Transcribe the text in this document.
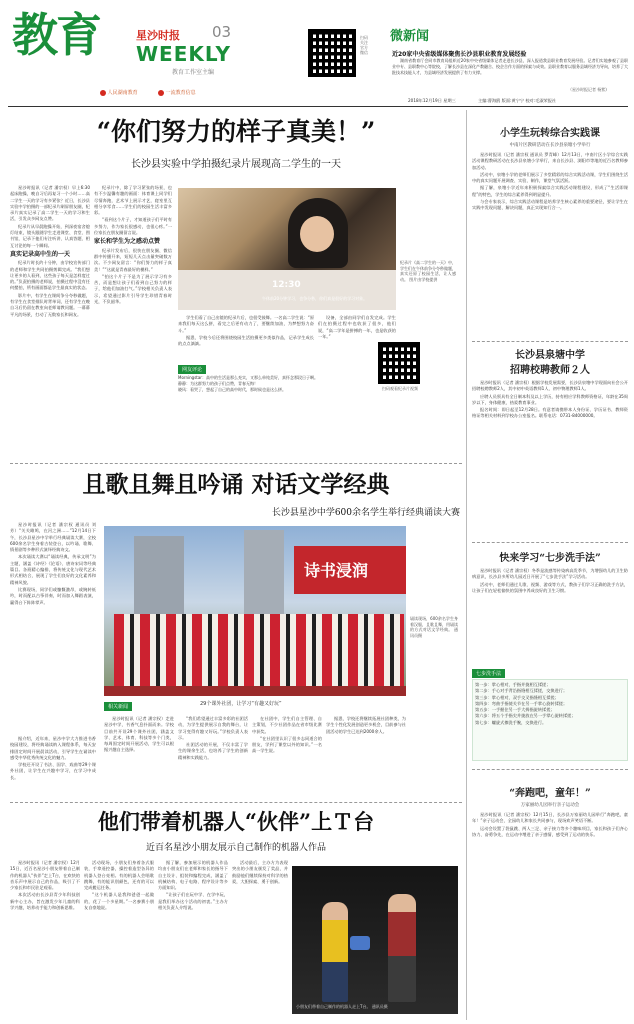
教育	星沙时报 03
WEEKLY
教育工作室主编
人民湖南教育	一流教育信息
扫码关注官方微信
微新闻
近20家中央省级媒体聚焦长沙县职业教育发展经验
湖南省教育厅会同市教育局组织近20家中央省级媒体记者走进长沙县，深入报道我县职业教育发展经验。记者们实地参观了县职业中专、县职教中心等院校，了解长沙县在深化产教融合、校企合作方面的探索与成效。县职业教育以服务县域经济为导向，培养了大批技术技能人才，为县域经济发展提供了有力支撑。
（星沙时报记者 杨紫)
2018年12月19日 星期三	主编:曹海鸥 版面:黄宁宁 校对:毛淑荣报社
“你们努力的样子真美！”
长沙县实验中学拍摄纪录片展现高二学生的一天

星沙时报讯（记者 潘宗权）早上6:30起床跑操，晚自习后再复习一个小时……高二学生一天的学习有多紧张？近日，长沙县实验中学拍摄的一部纪录片刷屏朋友圈，纪录片真实记录了高二学生一天的学习和生活，引发众多网友点赞。

纪录片从早晨跑操开始，到深夜宿舍熄灯结束，镜头跟随学生走进课堂、食堂、图书馆，记录下他们专注听讲、认真答题、相互讨论的每一个瞬间。

真实记录高中生的一天

纪录片时长约十分钟，由学校宣传部门的老师和学生共同拍摄剪辑完成。“我们想让更多的人看到，这些孩子每天是怎样度过的。”负责拍摄的老师说，拍摄过程中没有任何摆拍，所有画面都是学生最真实的状态。

影片中，有学生在课间争分夺秒做题，有学生在食堂排队时背单词，还有学生在晚自习后仍留在教室向老师请教问题。一幕幕平凡的场景，打动了无数家长和网友。

纪录片中，除了学习紧张的场景，也有不少温馨有趣的画面：体育课上同学们尽情奔跑，艺术节上展示才艺，寝室里互相分享零食……学生们的校园生活丰富多彩。

“看到这个片子，才知道孩子们平时有多努力，作为家长很感动，也很心疼。”一位家长在朋友圈留言说。

家长和学生为之感动点赞

纪录片发布后，很快在朋友圈、微信群中传播开来，短短几天点击量突破数万次。不少网友留言：“你们努力的样子真美！”“这就是青春最好的模样。”

“拍这个片子不是为了展示学习有多苦，而是想让孩子们看到自己努力的样子，给他们加油打气。”学校相关负责人表示，希望通过影片引导学生珍惜青春时光，不负韶华。

12:30
午休前20分钟学习，也争分秒，你们真是很好的学习对象。
纪录片《高二学生的一天》中，学生们在午休前争分夺秒做题，真实还原了校园生活，让人感动。 图片由学校提供

学生们看了自己出镜的纪录片后，也很受鼓舞。一名高二学生说：“原来我们每天这么拼，看完之后更有动力了，要继续加油，为梦想努力奋斗。”

据悉，学校今后还将围绕校园生活拍摄更多类似作品，记录学生成长的点点滴滴。

设备，全部由同学们自发完成。学生们在拍摄过程中也收获了很多，他们说，“高二学年是拼搏的一年，也是收获的一年。”

网友评论
Morningstar：高中的生活是那么充实，又那么单纯美好，真怀念那段日子啊。
静静：为这群努力的孩子们点赞，青春无悔！
晓风：看哭了，想起了自己的高中时代，那时候也是这么拼。	扫码观看纪录片视频
且歌且舞且吟诵 对话文学经典
长沙县星沙中学600余名学生举行经典诵读大赛

星沙时报讯（记者 潘宗权 通讯员 刘芳）“关关雎鸠，在河之洲……”12月14日下午，长沙县星沙中学举行经典诵读大赛，全校600余名学生身着古装登台，以吟诵、歌舞、情景剧等多种形式演绎经典诗文。

本次诵读大赛以“诵读经典，传承文明”为主题，涵盖《诗经》《论语》、唐诗宋词等经典篇目。各班精心编排，将传统文化与现代艺术形式相结合，展现了学生们良好的文化素养和精神风貌。

比赛现场，同学们或慷慨激昂，或婉转低吟，时而配以古筝伴奏，时而加入舞蹈表演，赢得台下阵阵掌声。

据介绍，近年来，星沙中学大力推进书香校园建设，将经典诵读纳入课程体系，每天安排固定时间开展晨读活动，引导学生在诵读中感受中华优秀传统文化的魅力。

学校还开设了书法、国学、戏曲等29个课外社团，让学生在兴趣中学习，在学习中成长。

诗书浸润
29个课外社团，让学习“有趣又好玩”
诵读现场，600余名学生身着汉服，且歌且舞，用诵读的方式对话文学经典。 通讯员摄
相关新闻

星沙时报讯（记者 潘宗权）走进星沙中学，书香气息扑面而来。学校目前共开设29个课外社团，涵盖文学、艺术、体育、科技等多个门类，每周固定时间开展活动，学生可以根据兴趣自主选择。

“我们希望通过丰富多彩的社团活动，为学生提供展示自我的舞台，让学习变得有趣又好玩。”学校负责人表示。

社团活动的开展，不仅丰富了学生的课余生活，也培养了学生的创新精神和实践能力。

在社团中，学生们自主管理、自主策划，不少社团作品在省市级比赛中获奖。

“在社团里认识了很多志同道合的朋友，学到了课堂以外的知识。”一名高一学生说。

据悉，学校还将继续拓展社团种类，为学生个性化发展创造更多机会，目前参与社团活动的学生已达到2000余人。

他们带着机器人“伙伴”上Ｔ台
近百名星沙小朋友展示自己制作的机器人作品

星沙时报讯（记者 潘宗权）12月15日，近百名星沙小朋友带着自己制作的机器人“伙伴”走上T台，在欢快的音乐声中展示自己的作品，吸引了不少家长和市民驻足观看。

本次活动由长沙县青少年科技创新中心主办，旨在激发少年儿童的科学兴趣，培养动手能力和创新思维。

活动现场，小朋友们身着各式服装，手拿遥控器，操控着造型各异的机器人登台亮相。有的机器人会唱歌跳舞，有的能识别颜色，还有的可以完成搬运任务。

“这个机器人是我和爸爸一起做的，花了一个多星期。”一名参赛小朋友自豪地说。

据了解，参加展示的机器人作品均由小朋友们在老师和家长的指导下自主设计、组装和编程完成，涵盖了机械结构、电子电路、程序设计等多方面知识。

“让孩子们在玩中学、在学中玩，是我们举办这个活动的初衷。”主办方相关负责人介绍说。

活动最后，主办方为表现突出的小朋友颁发了奖品，并鼓励他们继续保持对科学的热爱，大胆探索、勇于创新。

小朋友们带着自己制作的机器人走上T台。 通讯员摄
小学生玩转综合实践课
中南片区教研活动在长沙县泉塘小学举行

星沙时报讯（记者 潘宗权 通讯员 罗青峰）12月13日，中南片区小学综合实践活动课程教研活动在长沙县泉塘小学举行，来自长沙县、浏阳市等地的近百名教师参加活动。

活动中，泉塘小学的老师们展示了多堂精彩的综合实践活动课，学生们围绕生活中的真实问题开展调查、实验、制作，课堂气氛活跃。

据了解，泉塘小学近年来积极探索综合实践活动课程建设，形成了“生活即课程”的特色，学生的综合素养得到明显提升。

与会专家表示，综合实践活动课程是培养学生核心素养的重要途径，要让学生在实践中发现问题、解决问题，真正实现知行合一。

长沙县泉塘中学
招聘校聘教师２人

星沙时报讯（记者 潘宗权）根据学校发展需要，长沙县泉塘中学现面向社会公开招聘校聘教师2人，其中初中英语教师1人、初中物理教师1人。

应聘人员须具有全日制本科及以上学历，持有相应学科教师资格证，年龄在35周岁以下，身体健康，热爱教育事业。

报名时间：即日起至12月28日。有意者请携带本人身份证、学历证书、教师资格证等相关材料到学校办公室报名。联系电话：0731-84000000。

快来学习“七步洗手法”

星沙时报讯（记者 潘宗权）冬季是流感等传染病高发季节，为增强幼儿的卫生防病意识，长沙县多所幼儿园近日开展了“七步洗手法”学习活动。

活动中，老师们通过儿歌、视频、游戏等方式，教孩子们学习正确的洗手方法，让孩子们在轻松愉快的氛围中养成良好的卫生习惯。

七步洗手法
第一步：掌心相对，手指并拢相互揉搓；
第二步：手心对手背沿指缝相互揉搓，交换进行；
第三步：掌心相对，双手交叉指缝相互揉搓；
第四步：弯曲手指使关节在另一手掌心旋转揉搓；
第五步：一手握住另一手大拇指旋转揉搓；
第六步：将五个手指尖并拢放在另一手掌心旋转揉搓；
第七步：螺旋式擦洗手腕，交换进行。
“奔跑吧，童年！”
万家丽幼儿园举行亲子运动会

星沙时报讯（记者 潘宗权）12月15日，长沙县万家丽幼儿园举行“奔跑吧，童年！”亲子运动会，全园幼儿和家长共同参与，现场欢声笑语不断。

运动会设置了袋鼠跳、两人三足、亲子接力等多个趣味项目，家长和孩子们齐心协力、奋勇争先，在运动中增进了亲子感情，感受到了运动的快乐。
